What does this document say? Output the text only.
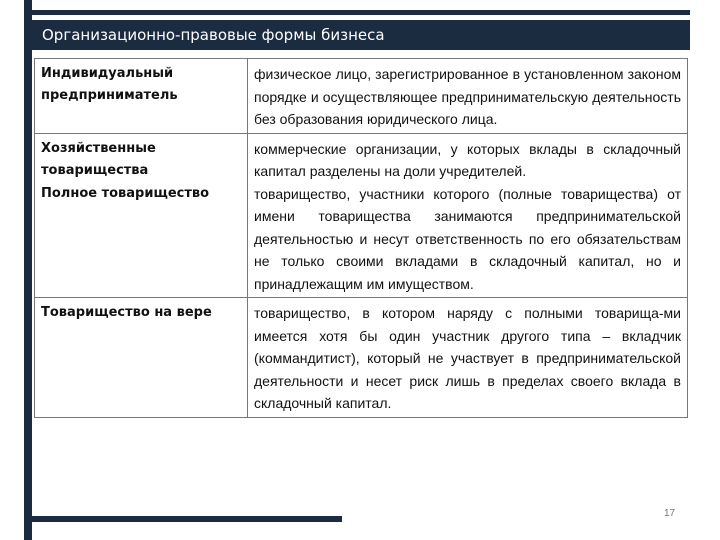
Организационно-правовые формы бизнеса
Индивидуальный предприниматель	физическое лицо, зарегистрированное в установленном законом порядке и осуществляющее предпринимательскую деятельность без образования юридического лица.

Хозяйственные товарищества	коммерческие организации, у которых вклады в складочный капитал разделены на доли учредителей.

Полное товарищество	товарищество, участники которого (полные товарищества) от имени товарищества занимаются предпринимательской деятельностью и несут ответственность по его обязательствам не только своими вкладами в складочный капитал, но и принадлежащим им имуществом.

Товарищество на вере	товарищество, в котором наряду с полными товарища-ми имеется хотя бы один участник другого типа – вкладчик (коммандитист), который не участвует в предпринимательской деятельности и несет риск лишь в пределах своего вклада в складочный капитал.
17
